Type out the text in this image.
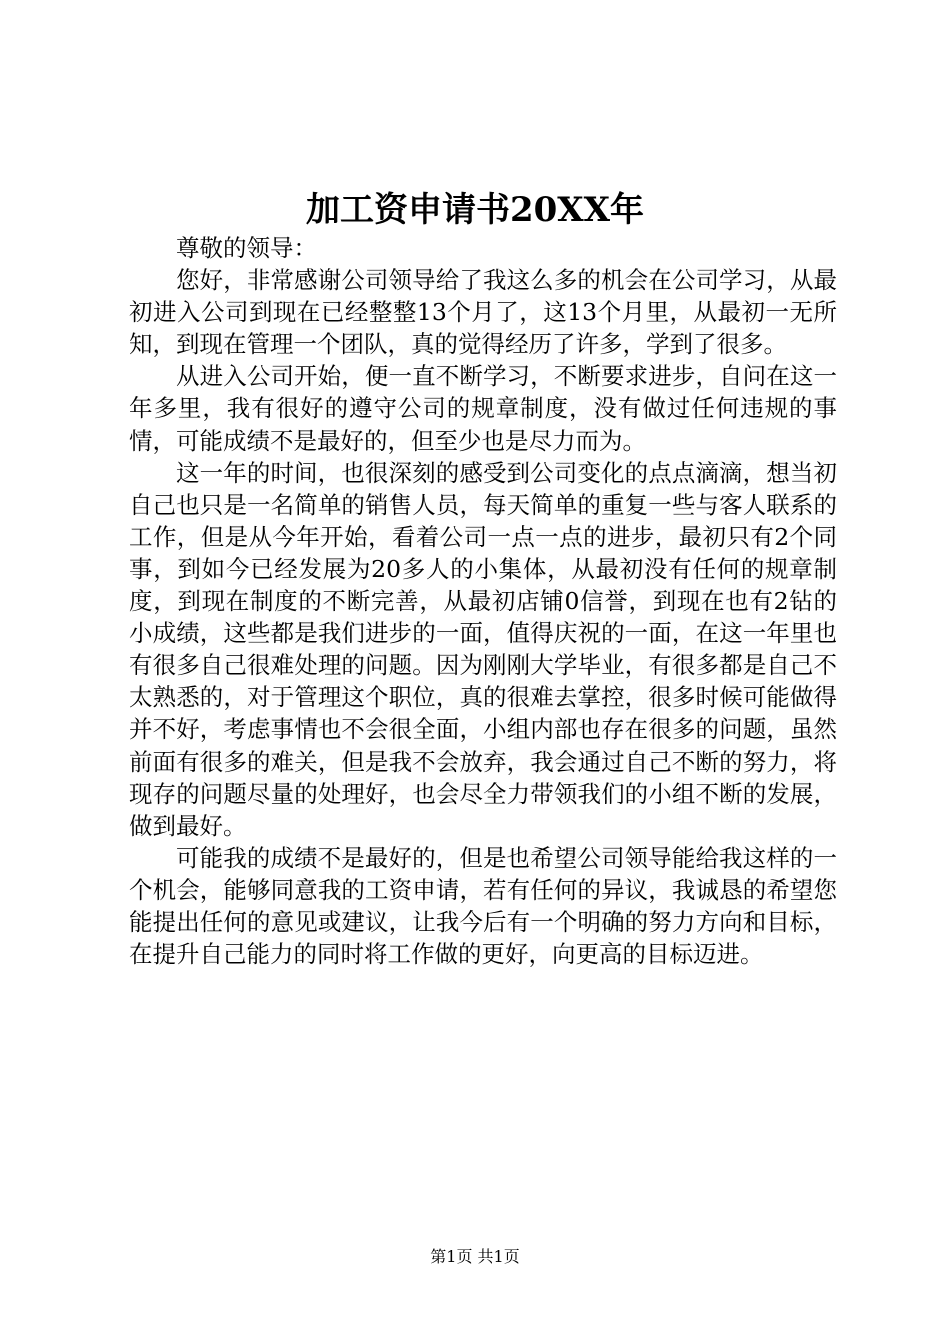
加工资申请书20XX年

尊敬的领导：

您好，非常感谢公司领导给了我这么多的机会在公司学习，从最初进入公司到现在已经整整13个月了，这13个月里，从最初一无所知，到现在管理一个团队，真的觉得经历了许多，学到了很多。

从进入公司开始，便一直不断学习，不断要求进步，自问在这一年多里，我有很好的遵守公司的规章制度，没有做过任何违规的事情，可能成绩不是最好的，但至少也是尽力而为。

这一年的时间，也很深刻的感受到公司变化的点点滴滴，想当初自己也只是一名简单的销售人员，每天简单的重复一些与客人联系的工作，但是从今年开始，看着公司一点一点的进步，最初只有2个同事，到如今已经发展为20多人的小集体，从最初没有任何的规章制度，到现在制度的不断完善，从最初店铺0信誉，到现在也有2钻的小成绩，这些都是我们进步的一面，值得庆祝的一面，在这一年里也有很多自己很难处理的问题。因为刚刚大学毕业，有很多都是自己不太熟悉的，对于管理这个职位，真的很难去掌控，很多时候可能做得并不好，考虑事情也不会很全面，小组内部也存在很多的问题，虽然前面有很多的难关，但是我不会放弃，我会通过自己不断的努力，将现存的问题尽量的处理好，也会尽全力带领我们的小组不断的发展，做到最好。

可能我的成绩不是最好的，但是也希望公司领导能给我这样的一个机会，能够同意我的工资申请，若有任何的异议，我诚恳的希望您能提出任何的意见或建议，让我今后有一个明确的努力方向和目标，在提升自己能力的同时将工作做的更好，向更高的目标迈进。

第1页 共1页
